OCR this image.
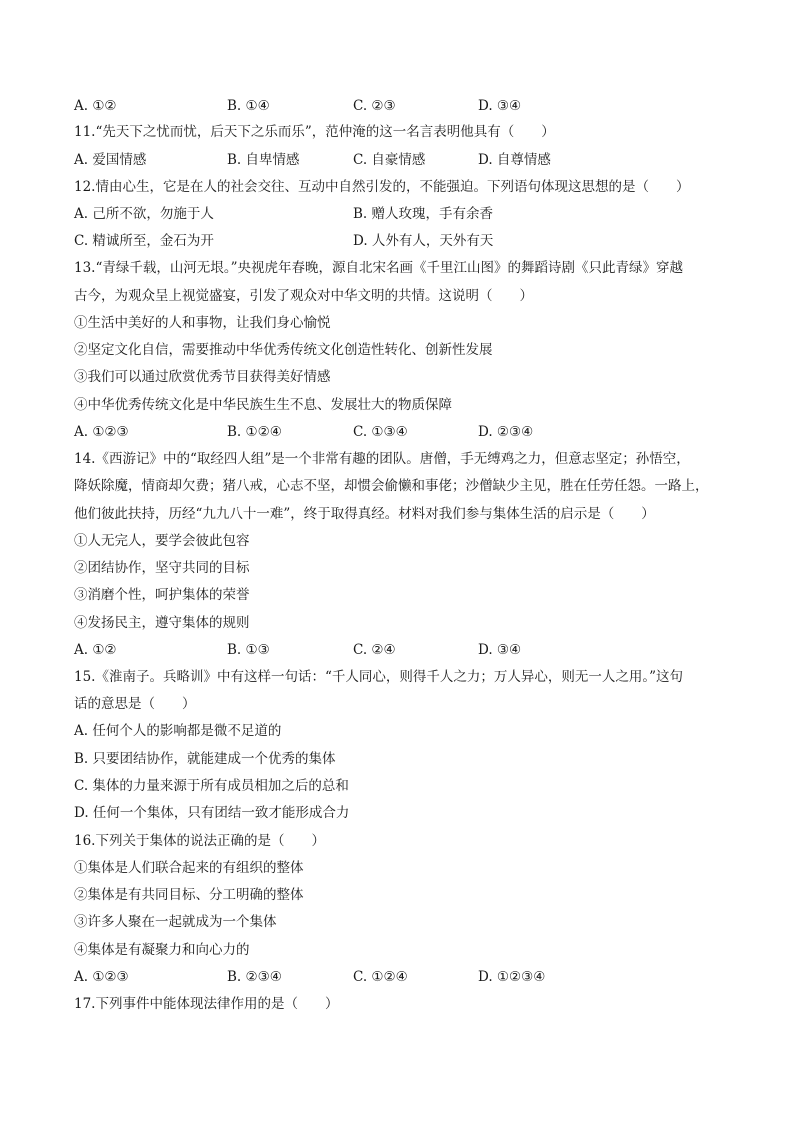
A. ①②	B. ①④	C. ②③	D. ③④
11.“先天下之忧而忧，后天下之乐而乐”，范仲淹的这一名言表明他具有（　　）
A. 爱国情感	B. 自卑情感	C. 自豪情感	D. 自尊情感
12.情由心生，它是在人的社会交往、互动中自然引发的，不能强迫。下列语句体现这思想的是（　　）
A. 己所不欲，勿施于人	B. 赠人玫瑰，手有余香
C. 精诚所至，金石为开	D. 人外有人，天外有天
13.“青绿千载，山河无垠。”央视虎年春晚，源自北宋名画《千里江山图》的舞蹈诗剧《只此青绿》穿越
古今，为观众呈上视觉盛宴，引发了观众对中华文明的共情。这说明（　　）
①生活中美好的人和事物，让我们身心愉悦
②坚定文化自信，需要推动中华优秀传统文化创造性转化、创新性发展
③我们可以通过欣赏优秀节目获得美好情感
④中华优秀传统文化是中华民族生生不息、发展壮大的物质保障
A. ①②③	B. ①②④	C. ①③④	D. ②③④
14.《西游记》中的“取经四人组”是一个非常有趣的团队。唐僧，手无缚鸡之力，但意志坚定；孙悟空，
降妖除魔，情商却欠费；猪八戒，心志不坚，却惯会偷懒和事佬；沙僧缺少主见，胜在任劳任怨。一路上，
他们彼此扶持，历经“九九八十一难”，终于取得真经。材料对我们参与集体生活的启示是（　　）
①人无完人，要学会彼此包容
②团结协作，坚守共同的目标
③消磨个性，呵护集体的荣誉
④发扬民主，遵守集体的规则
A. ①②	B. ①③	C. ②④	D. ③④
15.《淮南子。兵略训》中有这样一句话：“千人同心，则得千人之力；万人异心，则无一人之用。”这句
话的意思是（　　）
A. 任何个人的影响都是微不足道的
B. 只要团结协作，就能建成一个优秀的集体
C. 集体的力量来源于所有成员相加之后的总和
D. 任何一个集体，只有团结一致才能形成合力
16.下列关于集体的说法正确的是（　　）
①集体是人们联合起来的有组织的整体
②集体是有共同目标、分工明确的整体
③许多人聚在一起就成为一个集体
④集体是有凝聚力和向心力的
A. ①②③	B. ②③④	C. ①②④	D. ①②③④
17.下列事件中能体现法律作用的是（　　）
